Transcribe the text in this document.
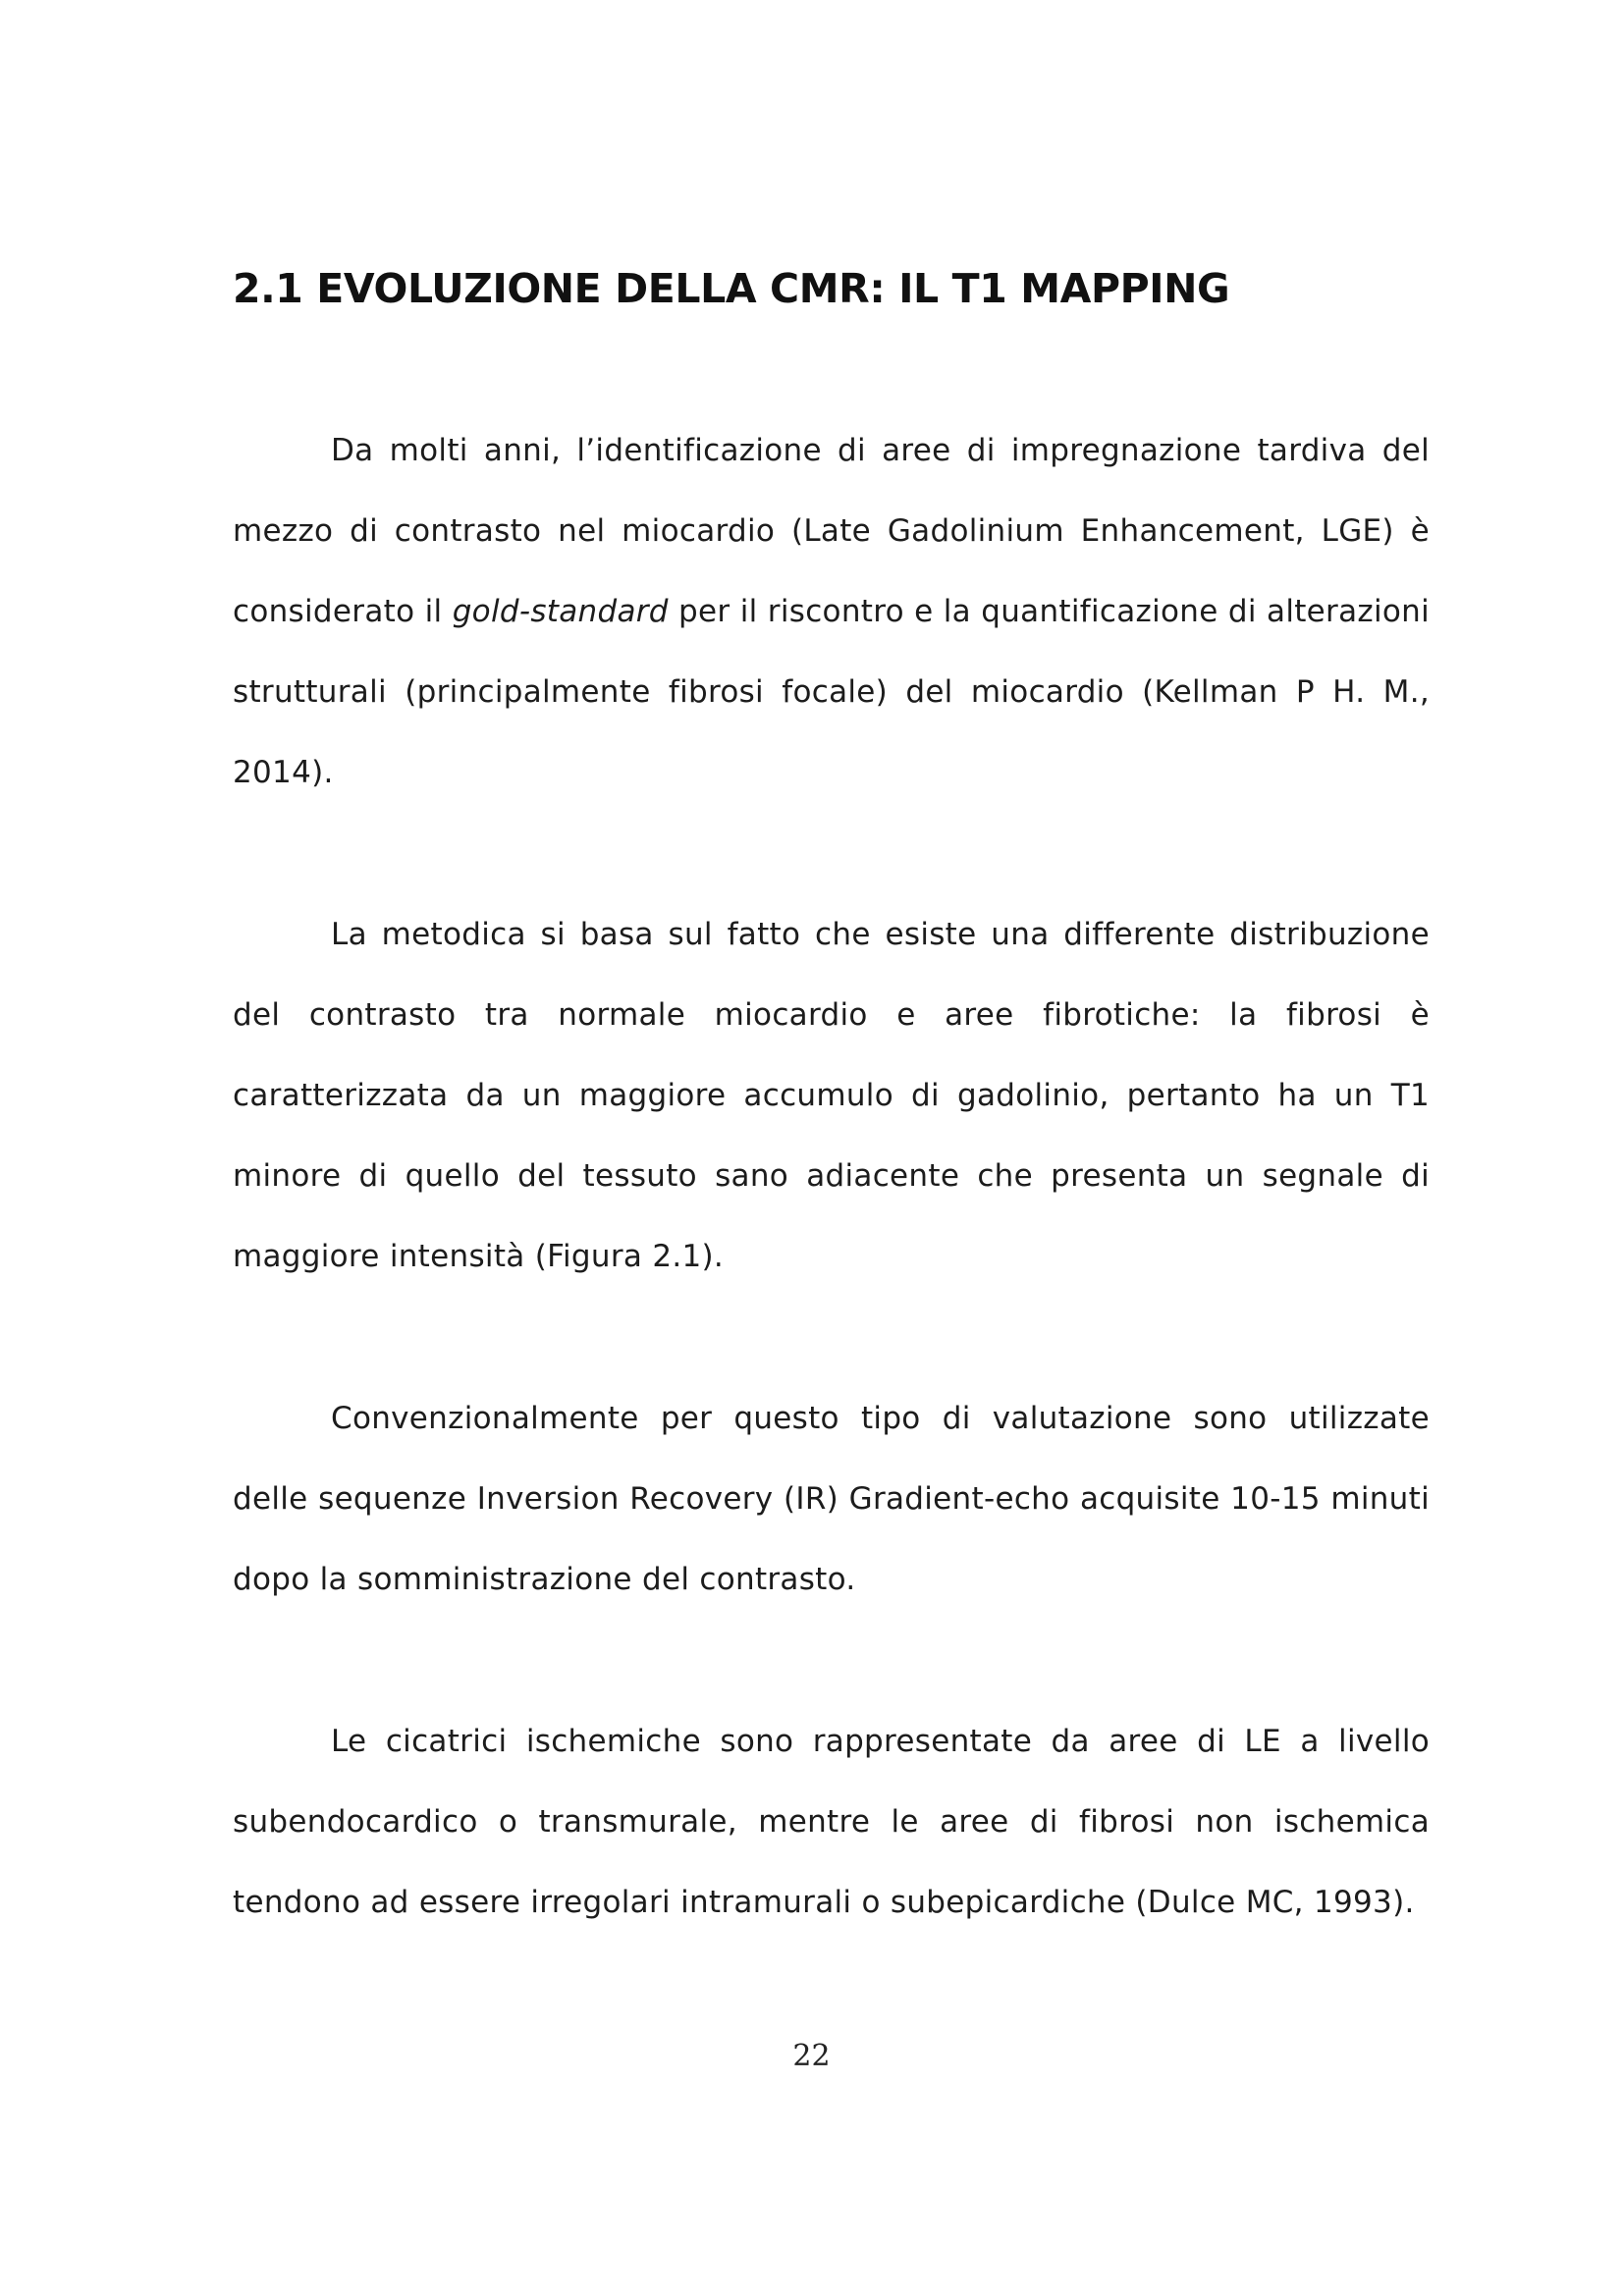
2.1 EVOLUZIONE DELLA CMR: IL T1 MAPPING

Da molti anni, l’identificazione di aree di impregnazione tardiva del mezzo di contrasto nel miocardio (Late Gadolinium Enhancement, LGE) è considerato il gold-standard per il riscontro e la quantificazione di alterazioni strutturali (principalmente fibrosi focale) del miocardio (Kellman P H. M., 2014).

La metodica si basa sul fatto che esiste una differente distribuzione del contrasto tra normale miocardio e aree fibrotiche: la fibrosi è caratterizzata da un maggiore accumulo di gadolinio, pertanto ha un T1 minore di quello del tessuto sano adiacente che presenta un segnale di maggiore intensità (Figura 2.1).

Convenzionalmente per questo tipo di valutazione sono utilizzate delle sequenze Inversion Recovery (IR) Gradient-echo acquisite 10-15 minuti dopo la somministrazione del contrasto.

Le cicatrici ischemiche sono rappresentate da aree di LE a livello subendocardico o transmurale, mentre le aree di fibrosi non ischemica tendono ad essere irregolari intramurali o subepicardiche (Dulce MC, 1993).

22
